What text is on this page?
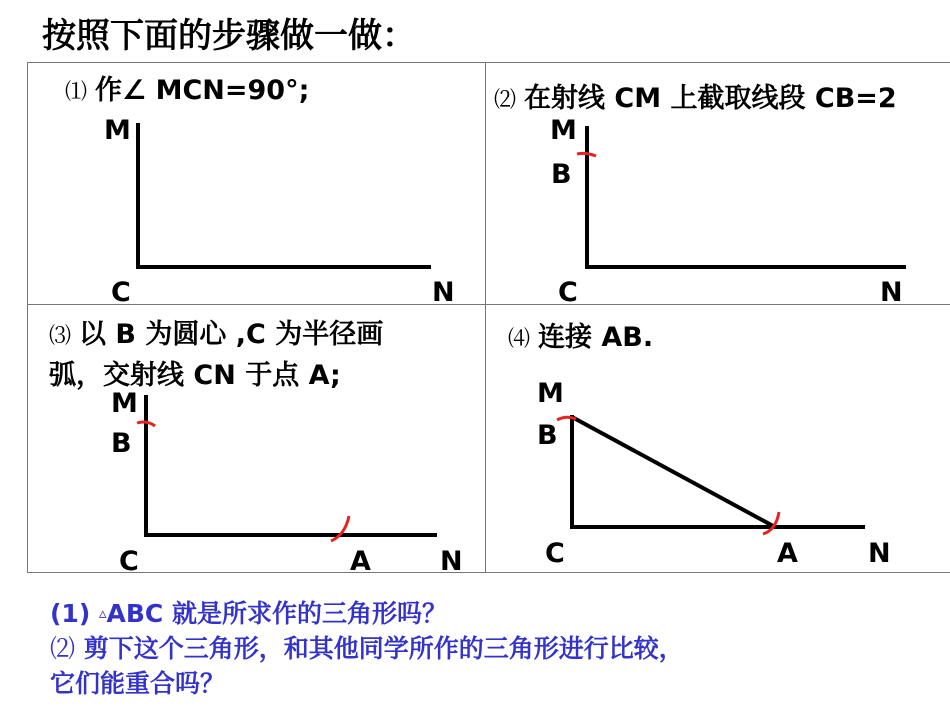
按照下面的步骤做一做：
⑴ 作∠ MCN=90°;
M
C	N
⑵ 在射线 CM 上截取线段 CB=2
M
B
C	N
⑶ 以 B 为圆心 ,C 为半径画
弧，交射线 CN 于点 A;
M
B
C	A	N
⑷ 连接 AB.
M
B
C	A	N
(1) ▵ABC 就是所求作的三角形吗？
⑵ 剪下这个三角形，和其他同学所作的三角形进行比较，
它们能重合吗？
